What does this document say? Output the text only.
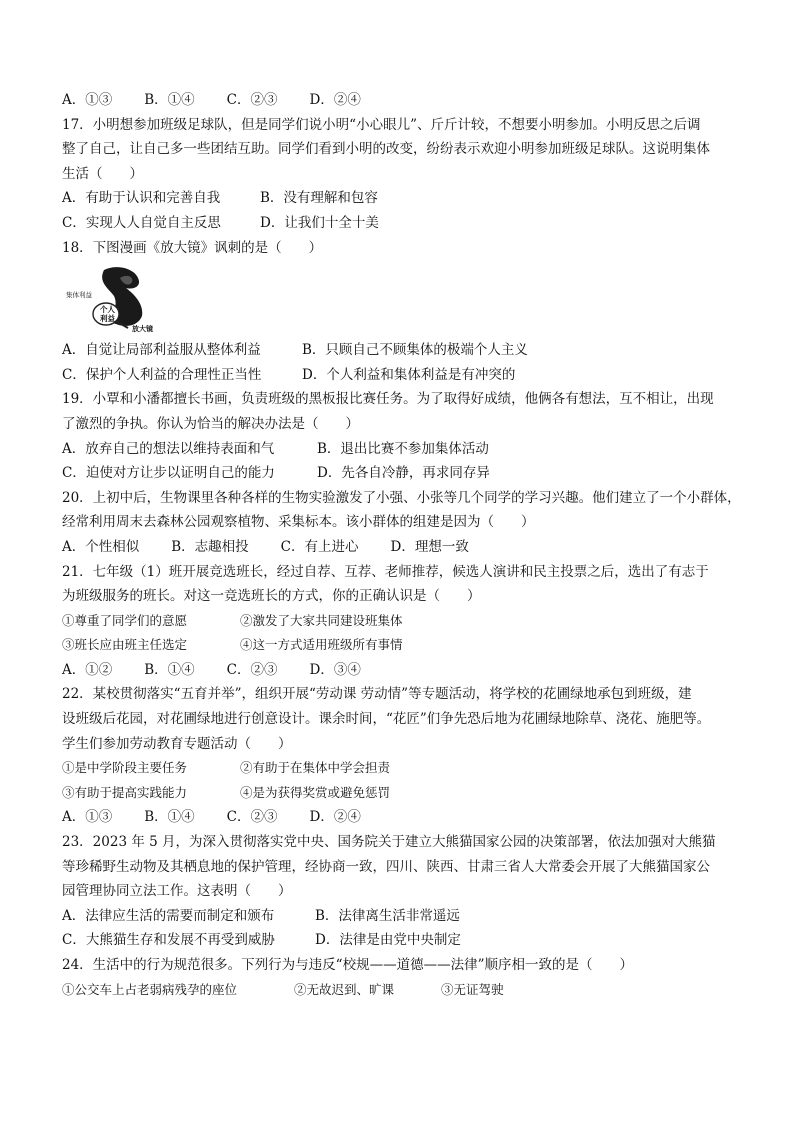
A．①③ B．①④ C．②③ D．②④
17．小明想参加班级足球队，但是同学们说小明“小心眼儿”、斤斤计较，不想要小明参加。小明反思之后调
整了自己，让自己多一些团结互助。同学们看到小明的改变，纷纷表示欢迎小明参加班级足球队。这说明集体
生活（　　）
A．有助于认识和完善自我	B．没有理解和包容
C．实现人人自觉自主反思	D．让我们十全十美
18．下图漫画《放大镜》讽刺的是（　　）
集体利益
个人
利益
放大镜
A．自觉让局部利益服从整体利益	B．只顾自己不顾集体的极端个人主义
C．保护个人利益的合理性正当性	D．个人利益和集体利益是有冲突的
19．小覃和小潘都擅长书画，负责班级的黑板报比赛任务。为了取得好成绩，他俩各有想法，互不相让，出现
了激烈的争执。你认为恰当的解决办法是（　　）
A．放弃自己的想法以维持表面和气	B．退出比赛不参加集体活动
C．迫使对方让步以证明自己的能力	D．先各自冷静，再求同存异
20．上初中后，生物课里各种各样的生物实验激发了小强、小张等几个同学的学习兴趣。他们建立了一个小群体，
经常利用周末去森林公园观察植物、采集标本。该小群体的组建是因为（　　）
A．个性相似 B．志趣相投 C．有上进心 D．理想一致
21．七年级（1）班开展竞选班长，经过自荐、互荐、老师推荐，候选人演讲和民主投票之后，选出了有志于
为班级服务的班长。对这一竞选班长的方式，你的正确认识是（　　）
①尊重了同学们的意愿	②激发了大家共同建设班集体
③班长应由班主任选定	④这一方式适用班级所有事情
A．①② B．①④ C．②③ D．③④
22．某校贯彻落实“五育并举”，组织开展“劳动课 劳动情”等专题活动，将学校的花圃绿地承包到班级，建
设班级后花园，对花圃绿地进行创意设计。课余时间，“花匠”们争先恐后地为花圃绿地除草、浇花、施肥等。
学生们参加劳动教育专题活动（　　）
①是中学阶段主要任务	②有助于在集体中学会担责
③有助于提高实践能力	④是为获得奖赏或避免惩罚
A．①③ B．①④ C．②③ D．②④
23．2023 年 5 月，为深入贯彻落实党中央、国务院关于建立大熊猫国家公园的决策部署，依法加强对大熊猫
等珍稀野生动物及其栖息地的保护管理，经协商一致，四川、陕西、甘肃三省人大常委会开展了大熊猫国家公
园管理协同立法工作。这表明（　　）
A．法律应生活的需要而制定和颁布	B．法律离生活非常遥远
C．大熊猫生存和发展不再受到威胁	D．法律是由党中央制定
24．生活中的行为规范很多。下列行为与违反“校规——道德——法律”顺序相一致的是（　　）
①公交车上占老弱病残孕的座位	②无故迟到、旷课	③无证驾驶
